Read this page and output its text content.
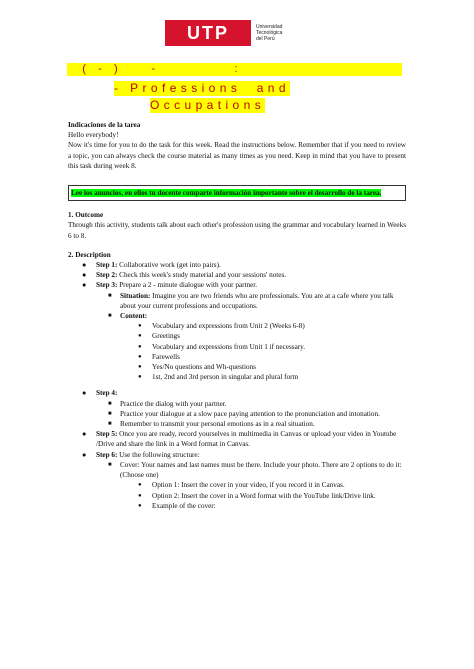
UTP	Universidad
Tecnológica
del Perú
(    -    )           -                          :
- Professions  and
Occupations

Indicaciones de la tarea

Hello everybody!

Now it's time for you to do the task for this week. Read the instructions below. Remember that if you need to review a topic, you can always check the course material as many times as you need. Keep in mind that you have to present this task during week 8.

Lee los anuncios, en ellos tu docente comparte información importante sobre el desarrollo de la tarea.

1. Outcome

Through this activity, students talk about each other's profession using the grammar and vocabulary learned in Weeks 6 to 8.

2. Description

● Step 1: Collaborative work (get into pairs).
● Step 2: Check this week's study material and your sessions' notes.
● Step 3: Prepare a 2 - minute dialogue with your partner.
■ Situation: Imagine you are two friends who are professionals. You are at a cafe where you talk about your current professions and occupations.
■ Content:
● Vocabulary and expressions from Unit 2 (Weeks 6-8)
● Greetings
● Vocabulary and expressions from Unit 1 if necessary.
● Farewells
● Yes/No questions and Wh-questions
● 1st, 2nd and 3rd person in singular and plural form
● Step 4:
■ Practice the dialog with your partner.
■ Practice your dialogue at a slow pace paying attention to the pronunciation and intonation.
■ Remember to transmit your personal emotions as in a real situation.
● Step 5: Once you are ready, record yourselves in multimedia in Canvas or upload your video in Youtube /Drive and share the link in a Word format in Canvas.
● Step 6: Use the following structure:
■ Cover: Your names and last names must be there. Include your photo. There are 2 options to do it: (Choose one)
● Option 1: Insert the cover in your video, if you record it in Canvas.
● Option 2: Insert the cover in a Word format with the YouTube link/Drive link.
● Example of the cover:
